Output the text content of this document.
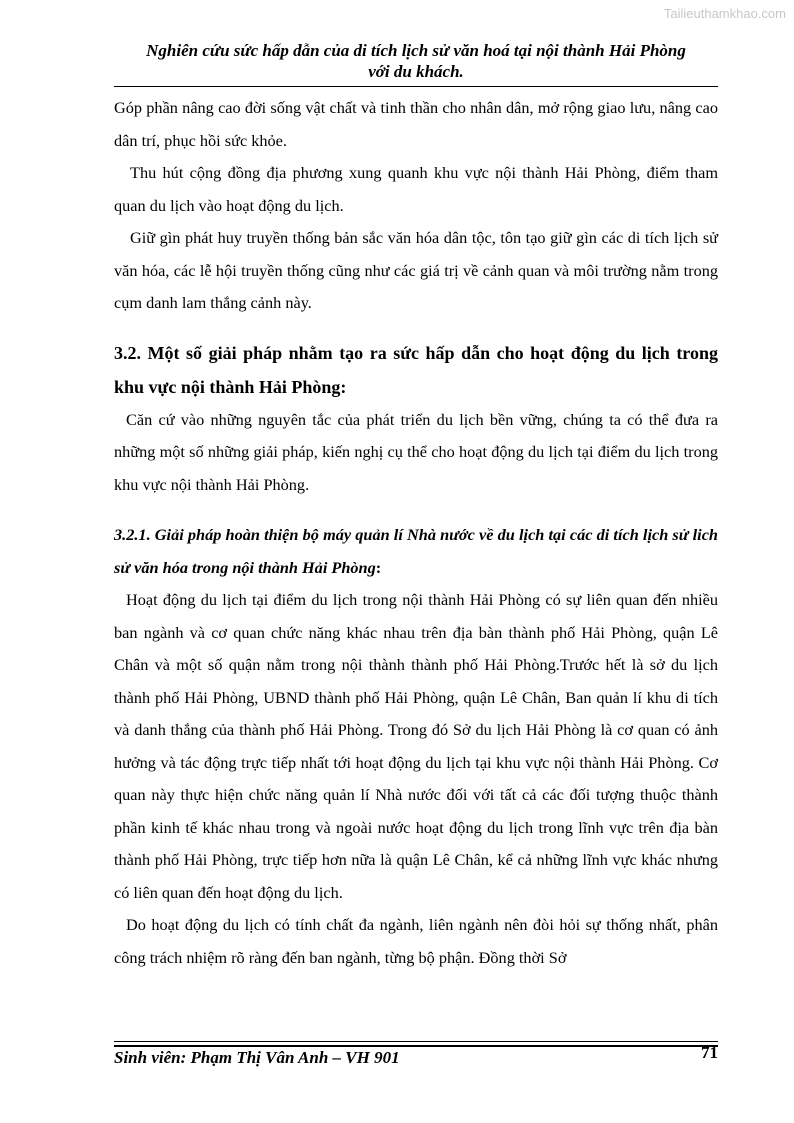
Tailieuthamkhao.com
Nghiên cứu sức hấp dẫn của di tích lịch sử văn hoá tại nội thành Hải Phòng
với du khách.

Góp phần nâng cao đời sống vật chất và tinh thần cho nhân dân, mở rộng giao lưu, nâng cao dân trí, phục hồi sức khỏe.

Thu hút cộng đồng địa phương xung quanh khu vực nội thành Hải Phòng, điểm tham quan du lịch vào hoạt động du lịch.

Giữ gìn phát huy truyền thống bản sắc văn hóa dân tộc, tôn tạo giữ gìn các di tích lịch sử văn hóa, các lễ hội truyền thống cũng như các giá trị về cảnh quan và môi trường nằm trong cụm danh lam thắng cảnh này.

3.2. Một số giải pháp nhằm tạo ra sức hấp dẫn cho hoạt động du lịch trong khu vực nội thành Hải Phòng:

Căn cứ vào những nguyên tắc của phát triển du lịch bền vững, chúng ta có thể đưa ra những một số những giải pháp, kiến nghị cụ thể cho hoạt động du lịch tại điểm du lịch trong khu vực nội thành Hải Phòng.

3.2.1. Giải pháp hoàn thiện bộ máy quản lí Nhà nước về du lịch tại các di tích lịch sử lich sử văn hóa trong nội thành Hải Phòng:

Hoạt động du lịch tại điểm du lịch trong nội thành Hải Phòng có sự liên quan đến nhiều ban ngành và cơ quan chức năng khác nhau trên địa bàn thành phố Hải Phòng, quận Lê Chân và một số quận nằm trong nội thành thành phố Hải Phòng.Trước hết là sở du lịch thành phố Hải Phòng, UBND thành phố Hải Phòng, quận Lê Chân, Ban quản lí khu di tích và danh thắng của thành phố Hải Phòng. Trong đó Sở du lịch Hải Phòng là cơ quan có ảnh hưởng và tác động trực tiếp nhất tới hoạt động du lịch tại khu vực nội thành Hải Phòng. Cơ quan này thực hiện chức năng quản lí Nhà nước đối với tất cả các đối tượng thuộc thành phần kinh tế khác nhau trong và ngoài nước hoạt động du lịch trong lĩnh vực trên địa bàn thành phố Hải Phòng, trực tiếp hơn nữa là quận Lê Chân, kể cả những lĩnh vực khác nhưng có liên quan đến hoạt động du lịch.

Do hoạt động du lịch có tính chất đa ngành, liên ngành nên đòi hỏi sự thống nhất, phân công trách nhiệm rõ ràng đến ban ngành, từng bộ phận. Đồng thời Sở

Sinh viên: Phạm Thị Vân Anh – VH 901	71
